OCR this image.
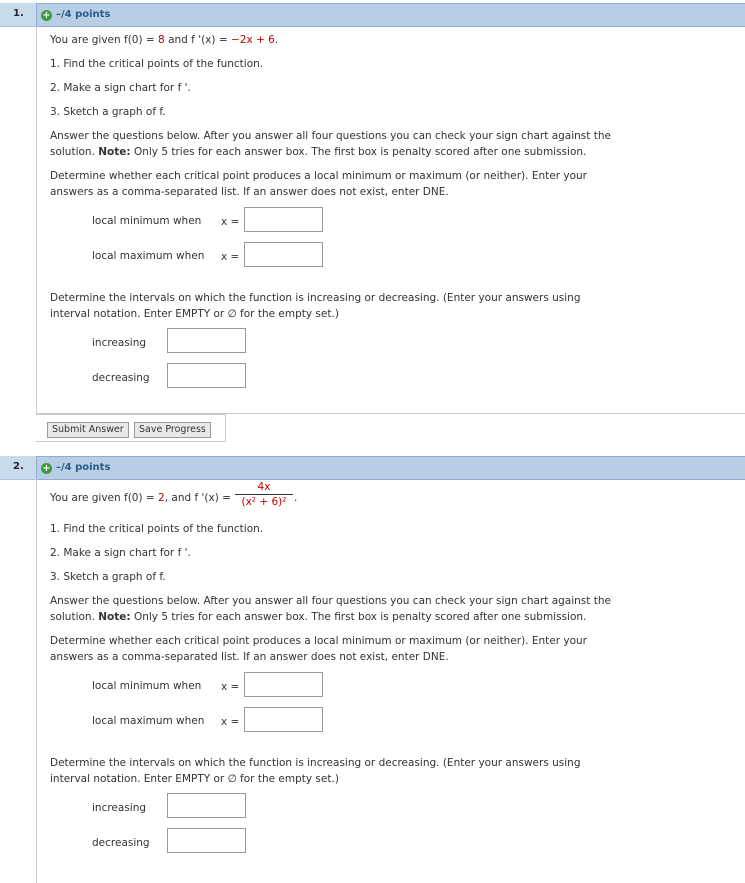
1.	+ –/4 points
You are given f(0) = 8 and f '(x) = −2x + 6.
1. Find the critical points of the function.
2. Make a sign chart for f '.
3. Sketch a graph of f.
Answer the questions below. After you answer all four questions you can check your sign chart against the
solution. Note: Only 5 tries for each answer box. The first box is penalty scored after one submission.
Determine whether each critical point produces a local minimum or maximum (or neither). Enter your
answers as a comma-separated list. If an answer does not exist, enter DNE.
local minimum when x =
local maximum when x =
Determine the intervals on which the function is increasing or decreasing. (Enter your answers using
interval notation. Enter EMPTY or ∅ for the empty set.)
increasing
decreasing
Submit Answer	Save Progress
2.	+ –/4 points
You are given f(0) = 2, and f '$(x) = \frac{4x}{\text{(x² + 6)²}}$ .
1. Find the critical points of the function.
2. Make a sign chart for f '.
3. Sketch a graph of f.
Answer the questions below. After you answer all four questions you can check your sign chart against the
solution. Note: Only 5 tries for each answer box. The first box is penalty scored after one submission.
Determine whether each critical point produces a local minimum or maximum (or neither). Enter your
answers as a comma-separated list. If an answer does not exist, enter DNE.
local minimum when x =
local maximum when x =
Determine the intervals on which the function is increasing or decreasing. (Enter your answers using
interval notation. Enter EMPTY or ∅ for the empty set.)
increasing
decreasing
